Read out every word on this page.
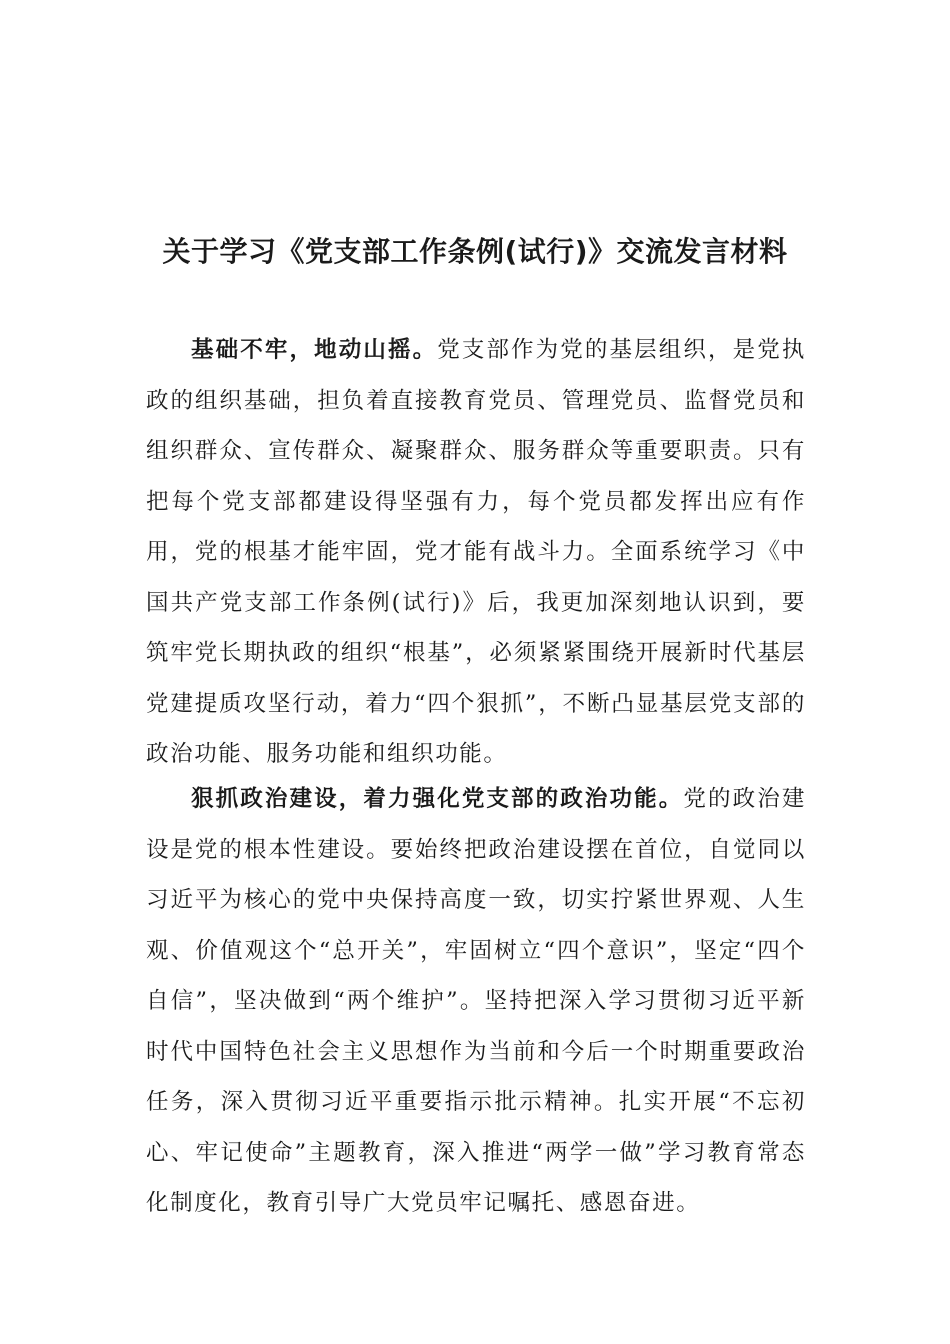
关于学习《党支部工作条例(试行)》交流发言材料

基础不牢，地动山摇。党支部作为党的基层组织，是党执政的组织基础，担负着直接教育党员、管理党员、监督党员和组织群众、宣传群众、凝聚群众、服务群众等重要职责。只有把每个党支部都建设得坚强有力，每个党员都发挥出应有作用，党的根基才能牢固，党才能有战斗力。全面系统学习《中国共产党支部工作条例(试行)》后，我更加深刻地认识到，要筑牢党长期执政的组织“根基”，必须紧紧围绕开展新时代基层党建提质攻坚行动，着力“四个狠抓”，不断凸显基层党支部的政治功能、服务功能和组织功能。

狠抓政治建设，着力强化党支部的政治功能。党的政治建设是党的根本性建设。要始终把政治建设摆在首位，自觉同以习近平为核心的党中央保持高度一致，切实拧紧世界观、人生观、价值观这个“总开关”，牢固树立“四个意识”，坚定“四个自信”，坚决做到“两个维护”。坚持把深入学习贯彻习近平新时代中国特色社会主义思想作为当前和今后一个时期重要政治任务，深入贯彻习近平重要指示批示精神。扎实开展“不忘初心、牢记使命”主题教育，深入推进“两学一做”学习教育常态化制度化，教育引导广大党员牢记嘱托、感恩奋进。
